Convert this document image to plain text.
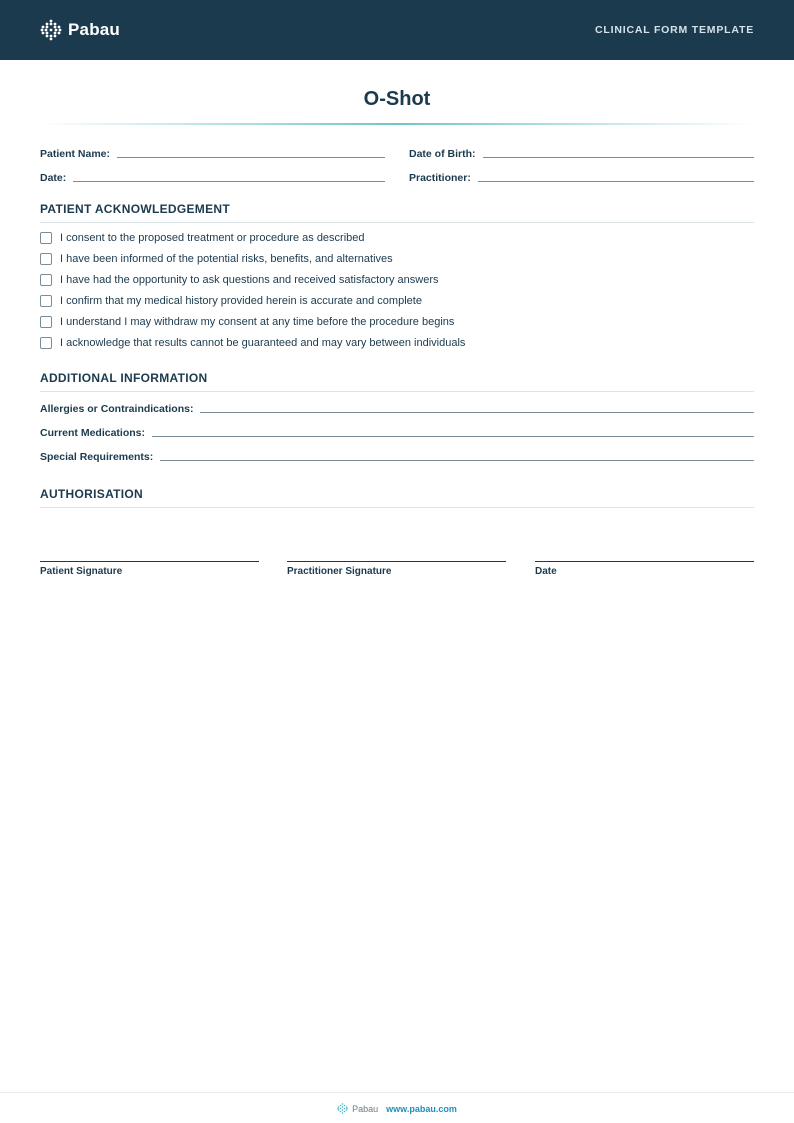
Pabau	CLINICAL FORM TEMPLATE
O-Shot
Patient Name:	Date of Birth:
Date:	Practitioner:
PATIENT ACKNOWLEDGEMENT
I consent to the proposed treatment or procedure as described
I have been informed of the potential risks, benefits, and alternatives
I have had the opportunity to ask questions and received satisfactory answers
I confirm that my medical history provided herein is accurate and complete
I understand I may withdraw my consent at any time before the procedure begins
I acknowledge that results cannot be guaranteed and may vary between individuals
ADDITIONAL INFORMATION
Allergies or Contraindications:
Current Medications:
Special Requirements:
AUTHORISATION
Patient Signature	Practitioner Signature	Date
Pabau www.pabau.com
